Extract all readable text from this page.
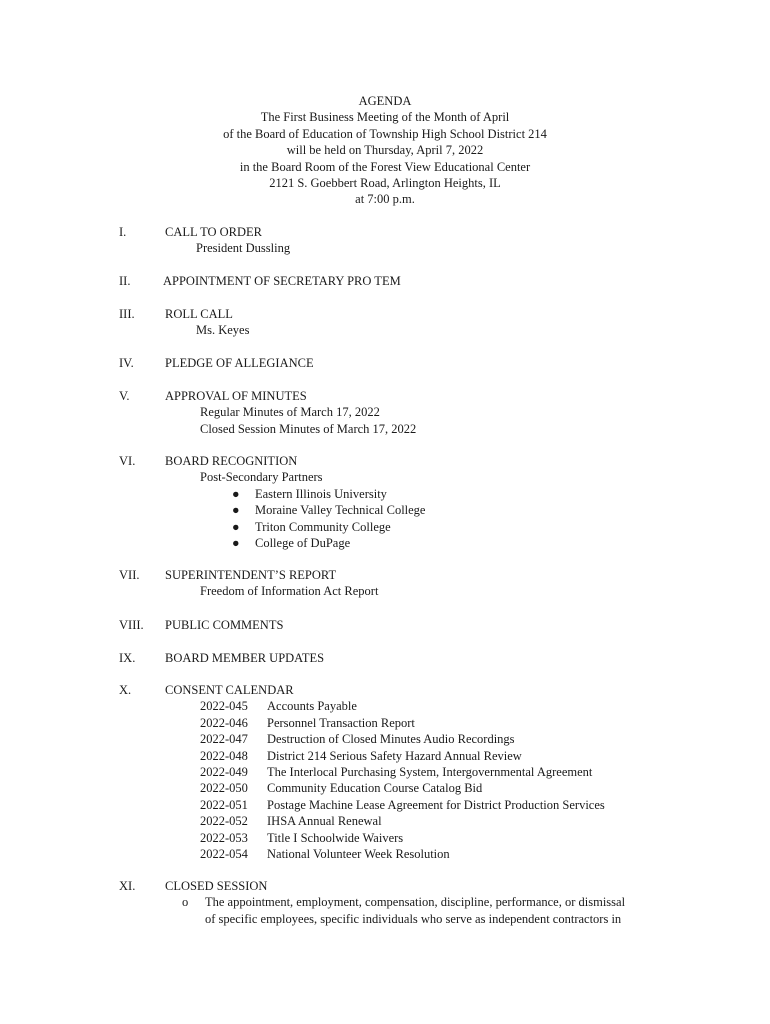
AGENDA
The First Business Meeting of the Month of April
of the Board of Education of Township High School District 214
will be held on Thursday, April 7, 2022
in the Board Room of the Forest View Educational Center
2121 S. Goebbert Road, Arlington Heights, IL
at 7:00 p.m.
I.	CALL TO ORDER
President Dussling
II.	APPOINTMENT OF SECRETARY PRO TEM
III. ROLL CALL
Ms. Keyes
IV.	PLEDGE OF ALLEGIANCE
V.	APPROVAL OF MINUTES
Regular Minutes of March 17, 2022
Closed Session Minutes of March 17, 2022
VI. BOARD RECOGNITION
Post-Secondary Partners
● Eastern Illinois University
● Moraine Valley Technical College
● Triton Community College
● College of DuPage
VII. SUPERINTENDENT’S REPORT
Freedom of Information Act Report
VIII. PUBLIC COMMENTS
IX. BOARD MEMBER UPDATES
X.	CONSENT CALENDAR
2022-045 Accounts Payable
2022-046 Personnel Transaction Report
2022-047 Destruction of Closed Minutes Audio Recordings
2022-048 District 214 Serious Safety Hazard Annual Review
2022-049 The Interlocal Purchasing System, Intergovernmental Agreement
2022-050 Community Education Course Catalog Bid
2022-051 Postage Machine Lease Agreement for District Production Services
2022-052 IHSA Annual Renewal
2022-053 Title I Schoolwide Waivers
2022-054 National Volunteer Week Resolution
XI. CLOSED SESSION
o The appointment, employment, compensation, discipline, performance, or dismissal
of specific employees, specific individuals who serve as independent contractors in
